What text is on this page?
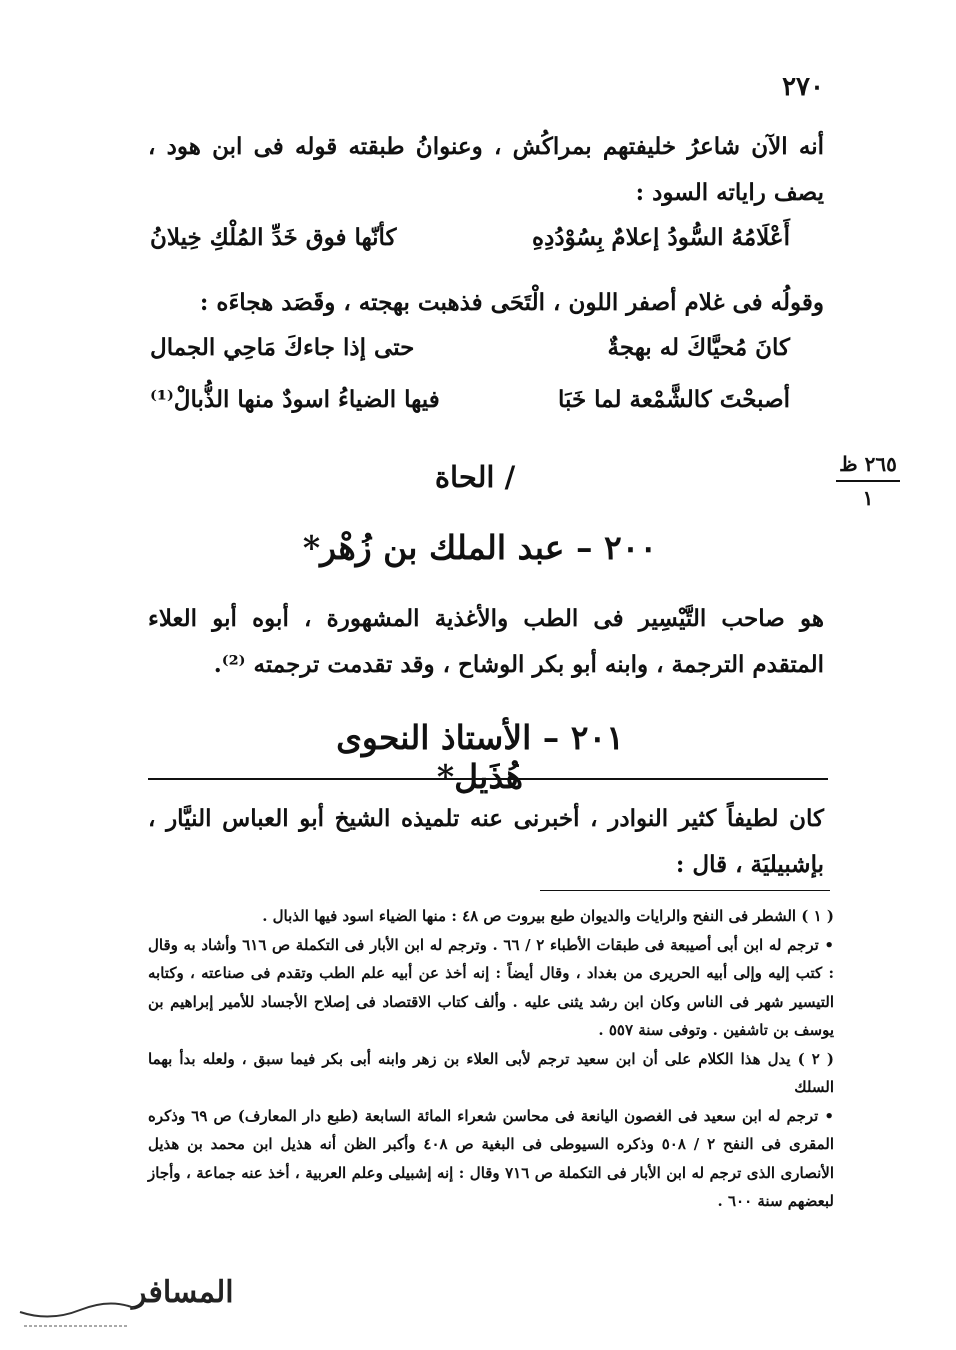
٢٧٠
أنه الآن شاعرُ خليفتهم بمراكُش ، وعنوانُ طبقته قوله فى ابن هود ، يصف راياته السود :
أَعْلَامُهُ السُّودُ إعلامٌ بِسُوْدُدِهِ
كأنّها فوق خَدِّ المُلْكِ خِيلانُ
وقولُه فى غلام أصفر اللون ، الْتَحَى فذهبت بهجته ، وقَصَد هجاءَه :
كانَ مُحيَّاكَ له بهجةٌ
حتى إذا جاءكَ مَاحِي الجمال
أصبحْتَ كالشَّمْعة لما خَبَا
فيها الضياءُ اسودٌ منها الذُّبالْ⁽¹⁾
٢٦٥ ظ
١
/ الحاة
٢٠٠ – عبد الملك بن زُهْر*
هو صاحب التَّيْسِير فى الطب والأغذية المشهورة ، أبوه أبو العلاء المتقدم الترجمة ، وابنه أبو بكر الوشاح ، وقد تقدمت ترجمته ⁽²⁾.
٢٠١ – الأستاذ النحوى هُذَيل*
كان لطيفاً كثير النوادر ، أخبرنى عنه تلميذه الشيخ أبو العباس النيَّار ، بإشبيليَة ، قال :

( ١ ) الشطر فى النفح والرايات والديوان طبع بيروت ص ٤٨ : منها الضياء اسود فيها الذبال .

• ترجم له ابن أبى أصيبعة فى طبقات الأطباء ٢ / ٦٦ . وترجم له ابن الأبار فى التكملة ص ٦١٦ وأشاد به وقال : كتب إليه وإلى أبيه الحريرى من بغداد ، وقال أيضاً : إنه أخذ عن أبيه علم الطب وتقدم فى صناعته ، وكتابه التيسير شهر فى الناس وكان ابن رشد يثنى عليه . وألف كتاب الاقتصاد فى إصلاح الأجساد للأمير إبراهيم بن يوسف بن تاشفين . وتوفى سنة ٥٥٧ .

( ٢ ) يدل هذا الكلام على أن ابن سعيد ترجم لأبى العلاء بن زهر وابنه أبى بكر فيما سبق ، ولعله بدأ بهما السلك

• ترجم له ابن سعيد فى الغصون اليانعة فى محاسن شعراء المائة السابعة (طبع دار المعارف) ص ٦٩ وذكره المقرى فى النفح ٢ / ٥٠٨ وذكره السيوطى فى البغية ص ٤٠٨ وأكبر الظن أنه هذيل ابن محمد بن هذيل الأنصارى الذى ترجم له ابن الأبار فى التكملة ص ٧١٦ وقال : إنه إشبيلى وعلم العربية ، أخذ عنه جماعة ، وأجاز لبعضهم سنة ٦٠٠ .

المسافر
